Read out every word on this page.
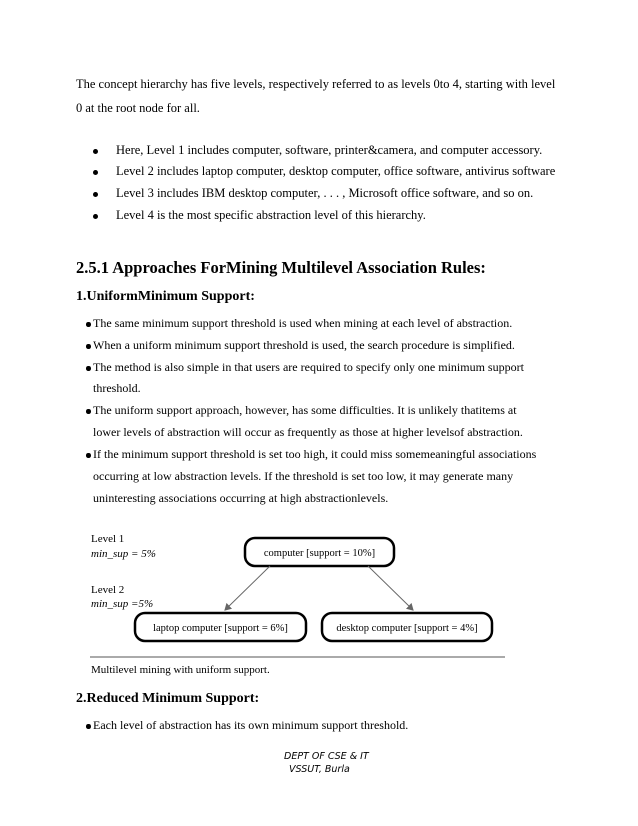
The concept hierarchy has five levels, respectively referred to as levels 0to 4, starting with level
0 at the root node for all.
Here, Level 1 includes computer, software, printer&camera, and computer accessory.
Level 2 includes laptop computer, desktop computer, office software, antivirus software
Level 3 includes IBM desktop computer, . . . , Microsoft office software, and so on.
Level 4 is the most specific abstraction level of this hierarchy.
2.5.1 Approaches ForMining Multilevel Association Rules:
1.UniformMinimum Support:
The same minimum support threshold is used when mining at each level of abstraction.
When a uniform minimum support threshold is used, the search procedure is simplified.
The method is also simple in that users are required to specify only one minimum support
threshold.
The uniform support approach, however, has some difficulties. It is unlikely thatitems at
lower levels of abstraction will occur as frequently as those at higher levelsof abstraction.
If the minimum support threshold is set too high, it could miss somemeaningful associations
occurring at low abstraction levels. If the threshold is set too low, it may generate many
uninteresting associations occurring at high abstractionlevels.
Level 1
min_sup = 5%
Level 2
min_sup =5%
computer [support = 10%]
laptop computer [support = 6%]	desktop computer [support = 4%]
Multilevel mining with uniform support.
2.Reduced Minimum Support:
Each level of abstraction has its own minimum support threshold.
DEPT OF CSE & IT
VSSUT, Burla
